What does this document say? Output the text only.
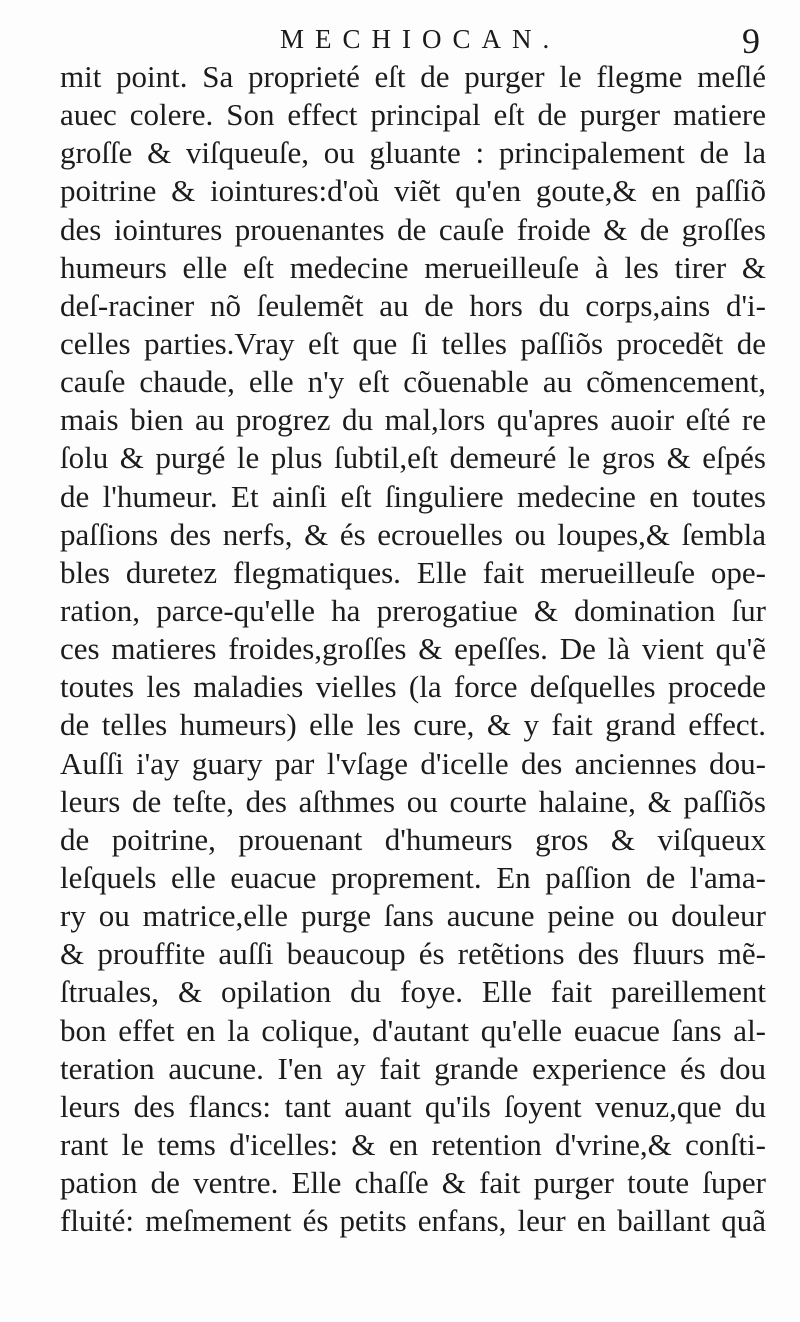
MECHIOCAN.	9
mit point. Sa proprieté eſt de purger le flegme meſlé
auec colere. Son effect principal eſt de purger matiere
groſſe & viſqueuſe, ou gluante : principalement de la
poitrine & iointures:d'où viẽt qu'en goute,& en paſſiõ
des iointures prouenantes de cauſe froide & de groſſes
humeurs elle eſt medecine merueilleuſe à les tirer &
deſ-raciner nõ ſeulemẽt au de hors du corps,ains d'i-
celles parties.Vray eſt que ſi telles paſſiõs procedẽt de
cauſe chaude, elle n'y eſt cõuenable au cõmencement,
mais bien au progrez du mal,lors qu'apres auoir eſté re
ſolu & purgé le plus ſubtil,eſt demeuré le gros & eſpés
de l'humeur. Et ainſi eſt ſinguliere medecine en toutes
paſſions des nerfs, & és ecrouelles ou loupes,& ſembla
bles duretez flegmatiques. Elle fait merueilleuſe ope-
ration, parce-qu'elle ha prerogatiue & domination ſur
ces matieres froides,groſſes & epeſſes. De là vient qu'ẽ
toutes les maladies vielles (la force deſquelles procede
de telles humeurs) elle les cure, & y fait grand effect.
Auſſi i'ay guary par l'vſage d'icelle des anciennes dou-
leurs de teſte, des aſthmes ou courte halaine, & paſſiõs
de poitrine, prouenant d'humeurs gros & viſqueux
leſquels elle euacue proprement. En paſſion de l'ama-
ry ou matrice,elle purge ſans aucune peine ou douleur
& prouffite auſſi beaucoup és retẽtions des fluurs mẽ-
ſtruales, & opilation du foye. Elle fait pareillement
bon effet en la colique, d'autant qu'elle euacue ſans al-
teration aucune. I'en ay fait grande experience és dou
leurs des flancs: tant auant qu'ils ſoyent venuz,que du
rant le tems d'icelles: & en retention d'vrine,& conſti-
pation de ventre. Elle chaſſe & fait purger toute ſuper
fluité: meſmement és petits enfans, leur en baillant quã
